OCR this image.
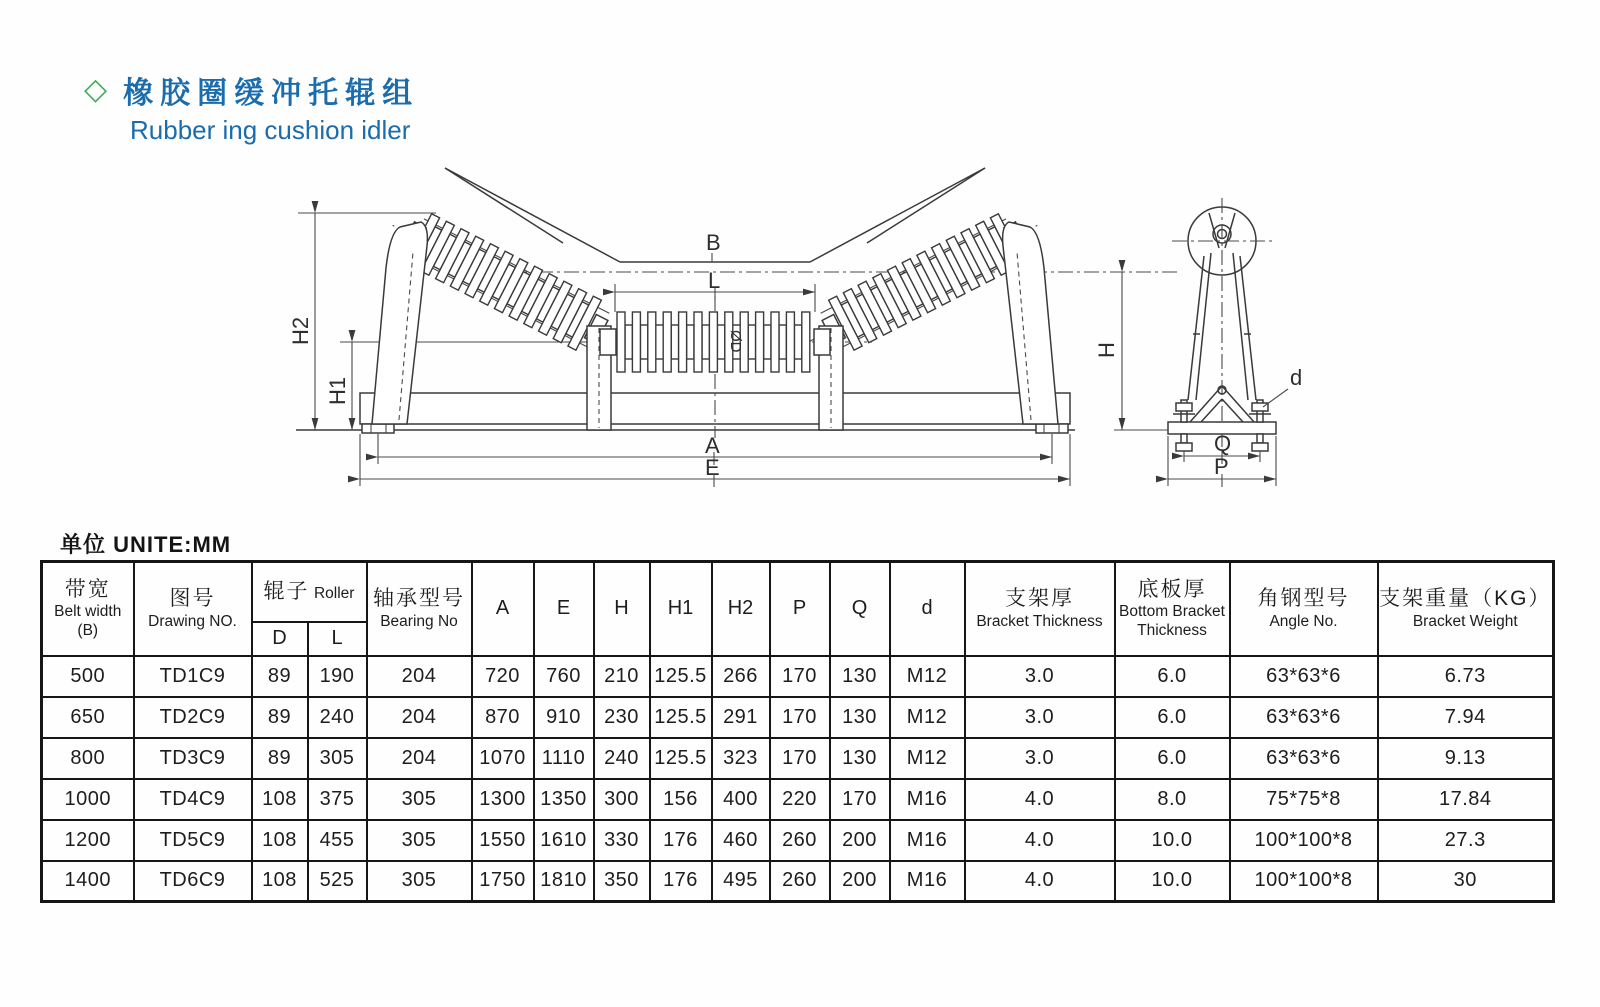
◇ 橡胶圈缓冲托辊组
Rubber ing cushion idler
ØD
B
L
H2
H1
A
E
d
H
Q
P
单位 UNITE:MM
带宽
Belt width
(B)	图号
Drawing NO.	辊子 Roller		轴承型号
Bearing No	A	E	H	H1	H2	P	Q	d	支架厚
Bracket Thickness	底板厚
Bottom Bracket
Thickness	角钢型号
Angle No.	支架重量（KG）
Bracket Weight

		D	L													
500	TD1C9	89	190	204	720	760	210	125.5	266	170	130	M12	3.0	6.0	63*63*6	6.73
650	TD2C9	89	240	204	870	910	230	125.5	291	170	130	M12	3.0	6.0	63*63*6	7.94
800	TD3C9	89	305	204	1070	1110	240	125.5	323	170	130	M12	3.0	6.0	63*63*6	9.13
1000	TD4C9	108	375	305	1300	1350	300	156	400	220	170	M16	4.0	8.0	75*75*8	17.84
1200	TD5C9	108	455	305	1550	1610	330	176	460	260	200	M16	4.0	10.0	100*100*8	27.3
1400	TD6C9	108	525	305	1750	1810	350	176	495	260	200	M16	4.0	10.0	100*100*8	30
